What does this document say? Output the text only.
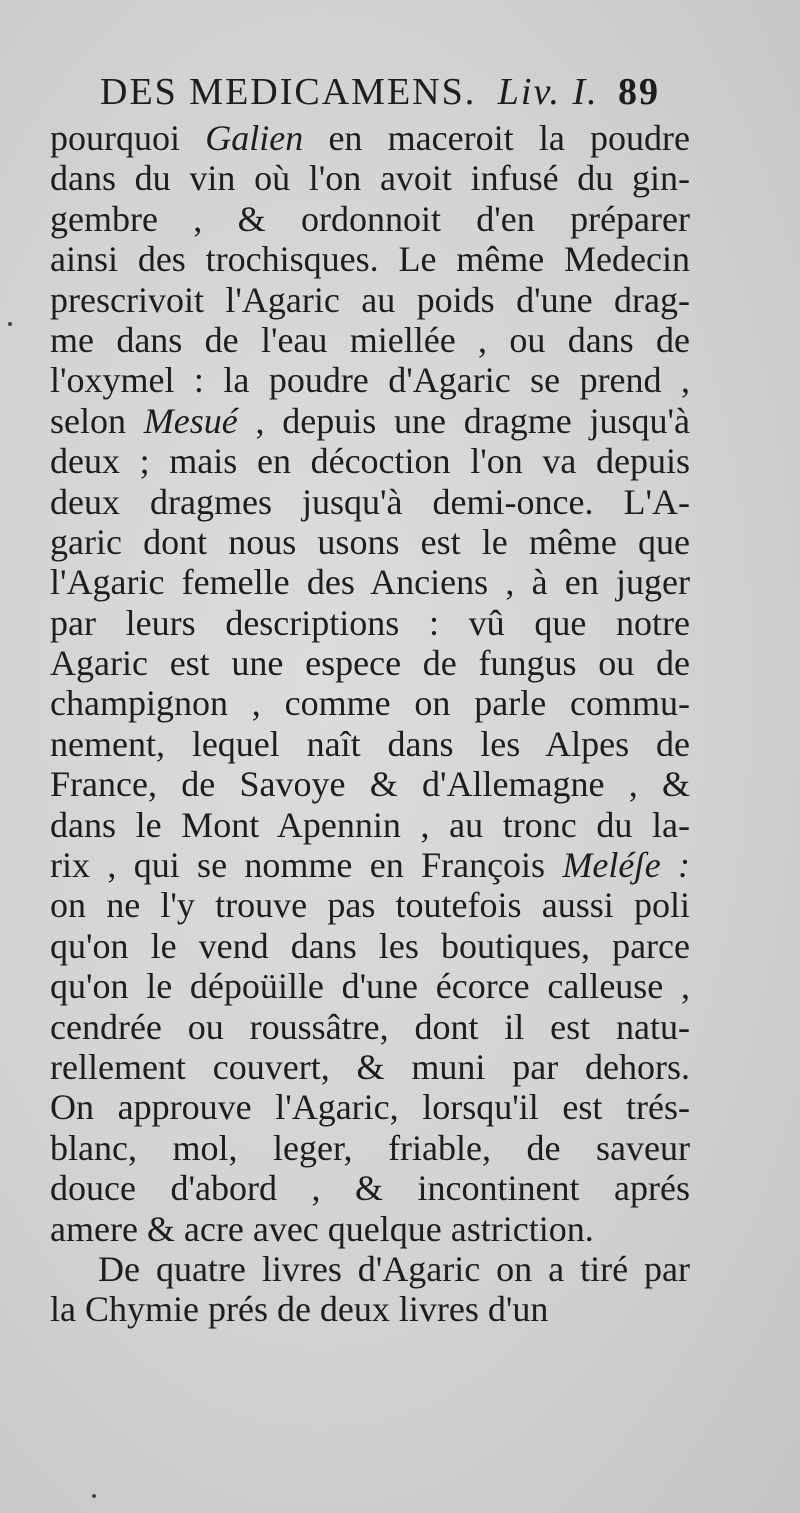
DES MEDICAMENS. Liv. I. 89
pourquoi Galien en maceroit la poudre
dans du vin où l'on avoit infusé du gin-
gembre , & ordonnoit d'en préparer
ainsi des trochisques. Le même Medecin
prescrivoit l'Agaric au poids d'une drag-
me dans de l'eau miellée , ou dans de
l'oxymel : la poudre d'Agaric se prend ,
selon Mesué , depuis une dragme jusqu'à
deux ; mais en décoction l'on va depuis
deux dragmes jusqu'à demi-once. L'A-
garic dont nous usons est le même que
l'Agaric femelle des Anciens , à en juger
par leurs descriptions : vû que notre
Agaric est une espece de fungus ou de
champignon , comme on parle commu-
nement, lequel naît dans les Alpes de
France, de Savoye & d'Allemagne , &
dans le Mont Apennin , au tronc du la-
rix , qui se nomme en François Meléʃe :
on ne l'y trouve pas toutefois aussi poli
qu'on le vend dans les boutiques, parce
qu'on le dépoüille d'une écorce calleuse ,
cendrée ou roussâtre, dont il est natu-
rellement couvert, & muni par dehors.
On approuve l'Agaric, lorsqu'il est trés-
blanc, mol, leger, friable, de saveur
douce d'abord , & incontinent aprés
amere & acre avec quelque astriction.
De quatre livres d'Agaric on a tiré par
la Chymie prés de deux livres d'un
